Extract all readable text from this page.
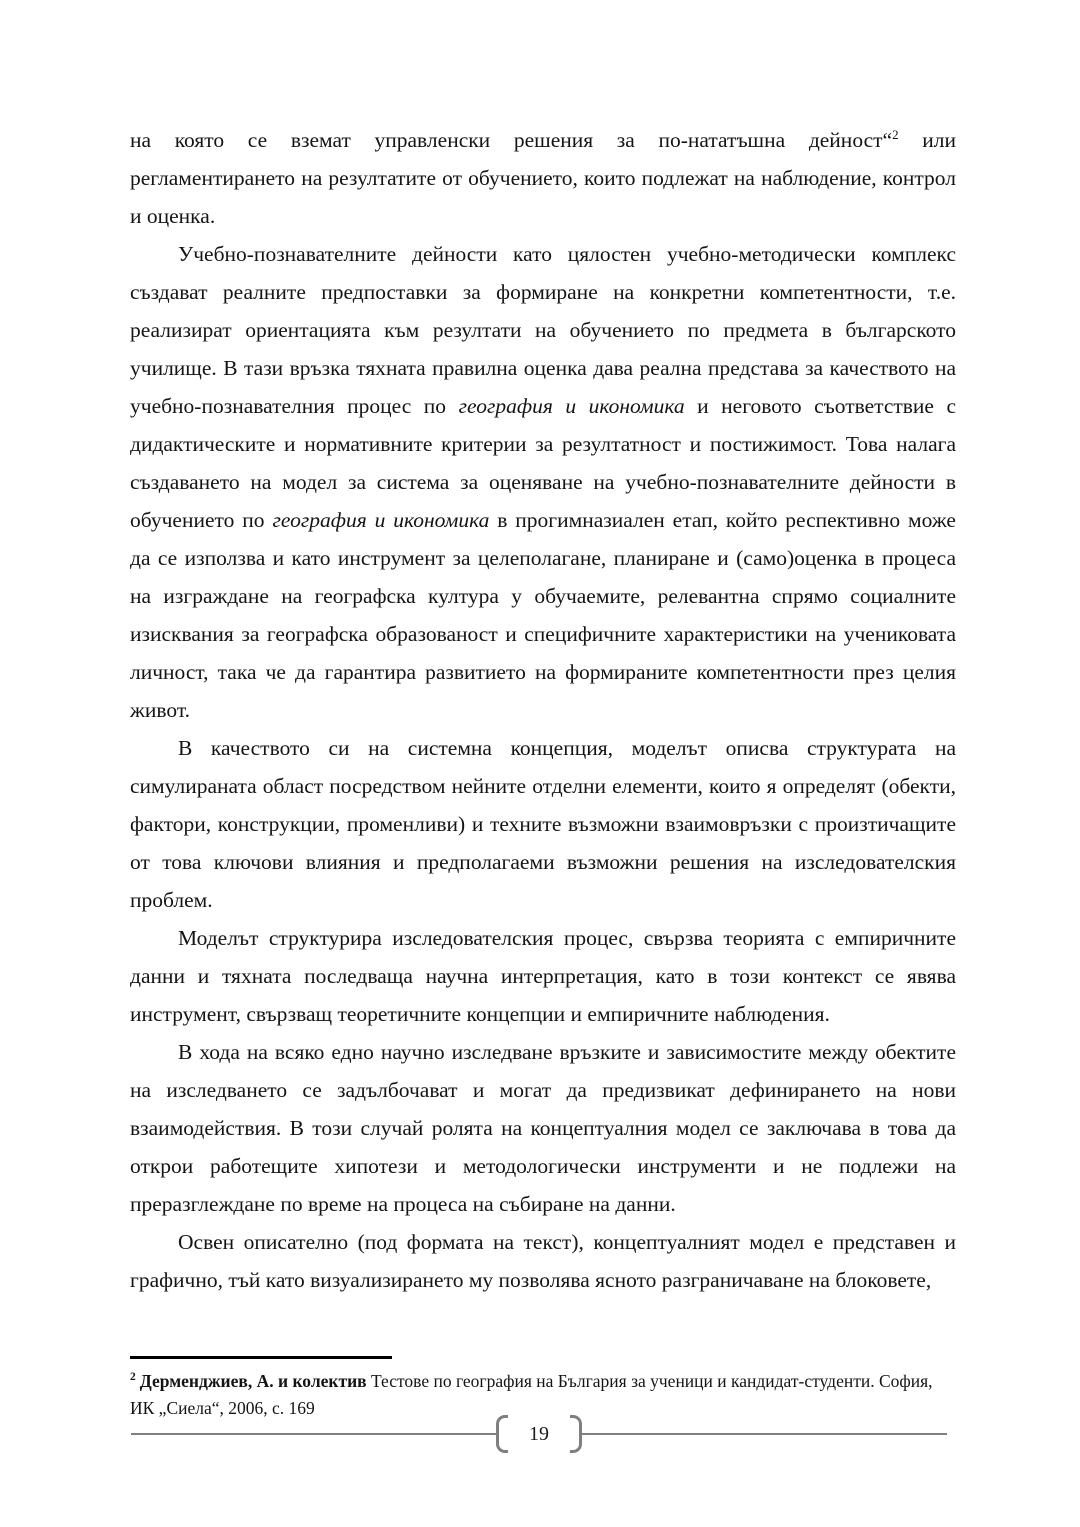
на която се вземат управленски решения за по-нататъшна дейност“$^2$ или регламентирането на резултатите от обучението, които подлежат на наблюдение, контрол и оценка.

Учебно-познавателните дейности като цялостен учебно-методически комплекс създават реалните предпоставки за формиране на конкретни компетентности, т.е. реализират ориентацията към резултати на обучението по предмета в българското училище. В тази връзка тяхната правилна оценка дава реална представа за качеството на учебно-познавателния процес по география и икономика и неговото съответствие с дидактическите и нормативните критерии за резултатност и постижимост. Това налага създаването на модел за система за оценяване на учебно-познавателните дейности в обучението по география и икономика в прогимназиален етап, който респективно може да се използва и като инструмент за целеполагане, планиране и (само)оценка в процеса на изграждане на географска култура у обучаемите, релевантна спрямо социалните изисквания за географска образованост и специфичните характеристики на учениковата личност, така че да гарантира развитието на формираните компетентности през целия живот.

В качеството си на системна концепция, моделът описва структурата на симулираната област посредством нейните отделни елементи, които я определят (обекти, фактори, конструкции, променливи) и техните възможни взаимовръзки с произтичащите от това ключови влияния и предполагаеми възможни решения на изследователския проблем.

Моделът структурира изследователския процес, свързва теорията с емпиричните данни и тяхната последваща научна интерпретация, като в този контекст се явява инструмент, свързващ теоретичните концепции и емпиричните наблюдения.

В хода на всяко едно научно изследване връзките и зависимостите между обектите на изследването се задълбочават и могат да предизвикат дефинирането на нови взаимодействия. В този случай ролята на концептуалния модел се заключава в това да открои работещите хипотези и методологически инструменти и не подлежи на преразглеждане по време на процеса на събиране на данни.

Освен описателно (под формата на текст), концептуалният модел е представен и графично, тъй като визуализирането му позволява ясното разграничаване на блоковете,

$^2$ Дерменджиев, А. и колектив Тестове по география на България за ученици и кандидат-студенти. София, ИК „Сиела“, 2006, с. 169

19
